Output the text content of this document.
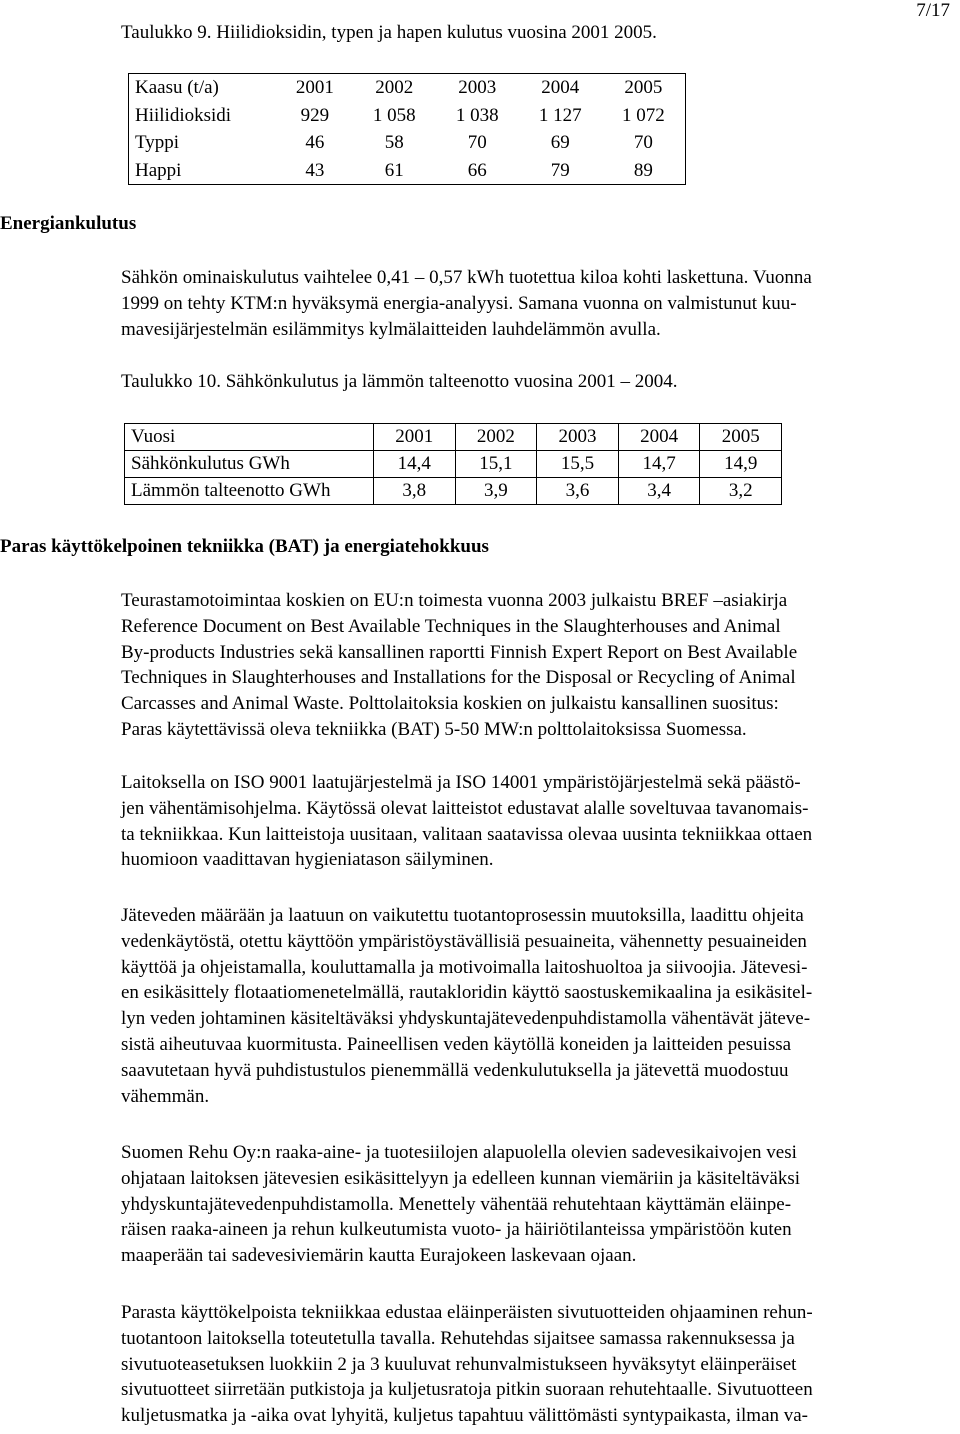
7/17
Taulukko 9. Hiilidioksidin, typen ja hapen kulutus vuosina 2001 2005.
Kaasu (t/a)	2001	2002	2003	2004	2005
Hiilidioksidi	929	1 058	1 038	1 127	1 072
Typpi	46	58	70	69	70
Happi	43	61	66	79	89
Energiankulutus
Sähkön ominaiskulutus vaihtelee 0,41 – 0,57 kWh tuotettua kiloa kohti laskettuna. Vuonna
1999 on tehty KTM:n hyväksymä energia-analyysi. Samana vuonna on valmistunut kuu-
mavesijärjestelmän esilämmitys kylmälaitteiden lauhdelämmön avulla.
Taulukko 10. Sähkönkulutus ja lämmön talteenotto vuosina 2001 – 2004.
Vuosi	2001	2002	2003	2004	2005
Sähkönkulutus GWh	14,4	15,1	15,5	14,7	14,9
Lämmön talteenotto GWh	3,8	3,9	3,6	3,4	3,2
Paras käyttökelpoinen tekniikka (BAT) ja energiatehokkuus
Teurastamotoimintaa koskien on EU:n toimesta vuonna 2003 julkaistu BREF –asiakirja
Reference Document on Best Available Techniques in the Slaughterhouses and Animal
By-products Industries sekä kansallinen raportti Finnish Expert Report on Best Available
Techniques in Slaughterhouses and Installations for the Disposal or Recycling of Animal
Carcasses and Animal Waste. Polttolaitoksia koskien on julkaistu kansallinen suositus:
Paras käytettävissä oleva tekniikka (BAT) 5-50 MW:n polttolaitoksissa Suomessa.
Laitoksella on ISO 9001 laatujärjestelmä ja ISO 14001 ympäristöjärjestelmä sekä päästö-
jen vähentämisohjelma. Käytössä olevat laitteistot edustavat alalle soveltuvaa tavanomais-
ta tekniikkaa. Kun laitteistoja uusitaan, valitaan saatavissa olevaa uusinta tekniikkaa ottaen
huomioon vaadittavan hygieniatason säilyminen.
Jäteveden määrään ja laatuun on vaikutettu tuotantoprosessin muutoksilla, laadittu ohjeita
vedenkäytöstä, otettu käyttöön ympäristöystävällisiä pesuaineita, vähennetty pesuaineiden
käyttöä ja ohjeistamalla, kouluttamalla ja motivoimalla laitoshuoltoa ja siivoojia. Jätevesi-
en esikäsittely flotaatiomenetelmällä, rautakloridin käyttö saostuskemikaalina ja esikäsitel-
lyn veden johtaminen käsiteltäväksi yhdyskuntajätevedenpuhdistamolla vähentävät jäteve-
sistä aiheutuvaa kuormitusta. Paineellisen veden käytöllä koneiden ja laitteiden pesuissa
saavutetaan hyvä puhdistustulos pienemmällä vedenkulutuksella ja jätevettä muodostuu
vähemmän.
Suomen Rehu Oy:n raaka-aine- ja tuotesiilojen alapuolella olevien sadevesikaivojen vesi
ohjataan laitoksen jätevesien esikäsittelyyn ja edelleen kunnan viemäriin ja käsiteltäväksi
yhdyskuntajätevedenpuhdistamolla. Menettely vähentää rehutehtaan käyttämän eläinpe-
räisen raaka-aineen ja rehun kulkeutumista vuoto- ja häiriötilanteissa ympäristöön kuten
maaperään tai sadevesiviemärin kautta Eurajokeen laskevaan ojaan.
Parasta käyttökelpoista tekniikkaa edustaa eläinperäisten sivutuotteiden ohjaaminen rehun-
tuotantoon laitoksella toteutetulla tavalla. Rehutehdas sijaitsee samassa rakennuksessa ja
sivutuoteasetuksen luokkiin 2 ja 3 kuuluvat rehunvalmistukseen hyväksytyt eläinperäiset
sivutuotteet siirretään putkistoja ja kuljetusratoja pitkin suoraan rehutehtaalle. Sivutuotteen
kuljetusmatka ja -aika ovat lyhyitä, kuljetus tapahtuu välittömästi syntypaikasta, ilman va-
